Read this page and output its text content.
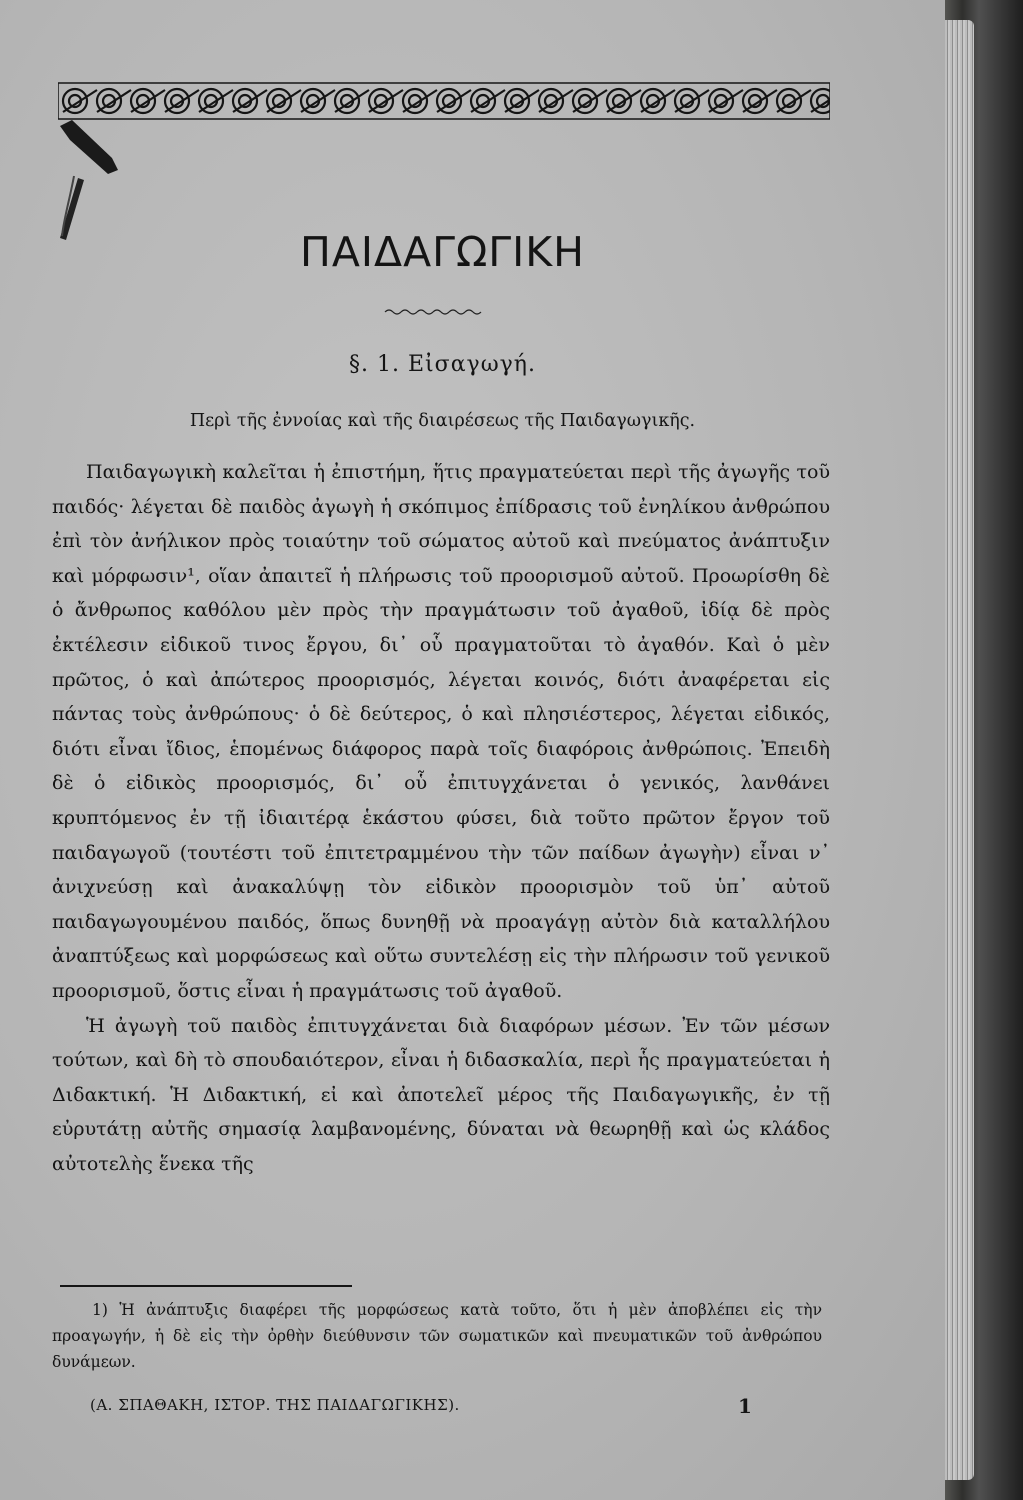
ΠΑΙΔΑΓΩΓΙΚΗ
§. 1. Εἰσαγωγή.
Περὶ τῆς ἐννοίας καὶ τῆς διαιρέσεως τῆς Παιδαγωγικῆς.

Παιδαγωγικὴ καλεῖται ἡ ἐπιστήμη, ἥτις πραγματεύεται περὶ τῆς ἀγωγῆς τοῦ παιδός· λέγεται δὲ παιδὸς ἀγωγὴ ἡ σκόπιμος ἐπίδρασις τοῦ ἐνηλίκου ἀνθρώπου ἐπὶ τὸν ἀνήλικον πρὸς τοιαύτην τοῦ σώματος αὐτοῦ καὶ πνεύματος ἀνάπτυξιν καὶ μόρφωσιν¹, οἵαν ἀπαιτεῖ ἡ πλήρωσις τοῦ προορισμοῦ αὐτοῦ. Προωρίσθη δὲ ὁ ἄνθρωπος καθόλου μὲν πρὸς τὴν πραγμάτωσιν τοῦ ἀγαθοῦ, ἰδίᾳ δὲ πρὸς ἐκτέλεσιν εἰδικοῦ τινος ἔργου, δι᾿ οὗ πραγματοῦται τὸ ἀγαθόν. Καὶ ὁ μὲν πρῶτος, ὁ καὶ ἀπώτερος προορισμός, λέγεται κοινός, διότι ἀναφέρεται εἰς πάντας τοὺς ἀνθρώπους· ὁ δὲ δεύτερος, ὁ καὶ πλησιέστερος, λέγεται εἰδικός, διότι εἶναι ἴδιος, ἑπομένως διάφορος παρὰ τοῖς διαφόροις ἀνθρώποις. Ἐπειδὴ δὲ ὁ εἰδικὸς προορισμός, δι᾿ οὗ ἐπιτυγχάνεται ὁ γενικός, λανθάνει κρυπτόμενος ἐν τῇ ἰδιαιτέρᾳ ἑκάστου φύσει, διὰ τοῦτο πρῶτον ἔργον τοῦ παιδαγωγοῦ (τουτέστι τοῦ ἐπιτετραμμένου τὴν τῶν παίδων ἀγωγὴν) εἶναι ν᾿ ἀνιχνεύσῃ καὶ ἀνακαλύψῃ τὸν εἰδικὸν προορισμὸν τοῦ ὑπ᾿ αὐτοῦ παιδαγωγουμένου παιδός, ὅπως δυνηθῇ νὰ προαγάγῃ αὐτὸν διὰ καταλλήλου ἀναπτύξεως καὶ μορφώσεως καὶ οὕτω συντελέσῃ εἰς τὴν πλήρωσιν τοῦ γενικοῦ προορισμοῦ, ὅστις εἶναι ἡ πραγμάτωσις τοῦ ἀγαθοῦ.

Ἡ ἀγωγὴ τοῦ παιδὸς ἐπιτυγχάνεται διὰ διαφόρων μέσων. Ἐν τῶν μέσων τούτων, καὶ δὴ τὸ σπουδαιότερον, εἶναι ἡ διδασκαλία, περὶ ἧς πραγματεύεται ἡ Διδακτική. Ἡ Διδακτική, εἰ καὶ ἀποτελεῖ μέρος τῆς Παιδαγωγικῆς, ἐν τῇ εὐρυτάτῃ αὐτῆς σημασίᾳ λαμβανομένης, δύναται νὰ θεωρηθῇ καὶ ὡς κλάδος αὐτοτελὴς ἕνεκα τῆς

1) Ἡ ἀνάπτυξις διαφέρει τῆς μορφώσεως κατὰ τοῦτο, ὅτι ἡ μὲν ἀποβλέπει εἰς τὴν προαγωγήν, ἡ δὲ εἰς τὴν ὀρθὴν διεύθυνσιν τῶν σωματικῶν καὶ πνευματικῶν τοῦ ἀνθρώπου δυνάμεων.

(Α. ΣΠΑΘΑΚΗ, ΙΣΤΟΡ. ΤΗΣ ΠΑΙΔΑΓΩΓΙΚΗΣ).	1
